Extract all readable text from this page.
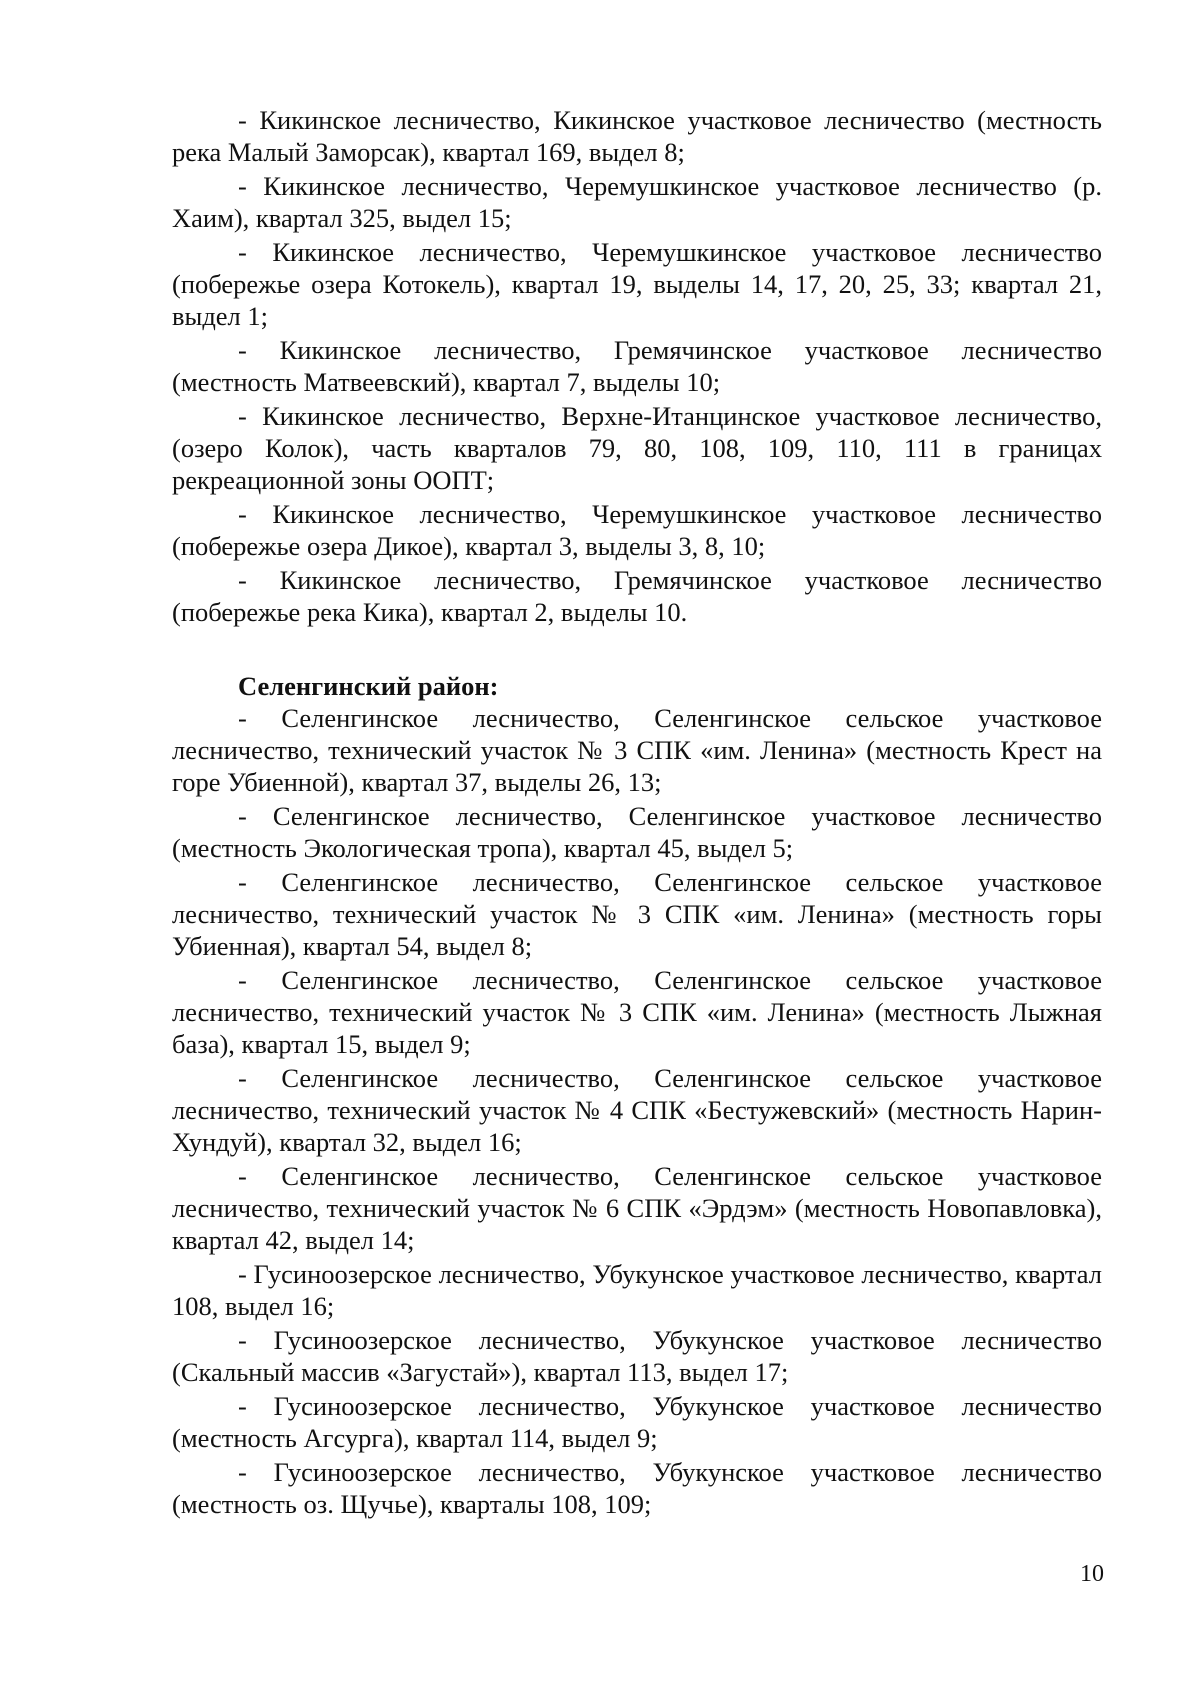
- Кикинское лесничество, Кикинское участковое лесничество (местность река Малый Заморсак), квартал 169, выдел 8;

- Кикинское лесничество, Черемушкинское участковое лесничество (р. Хаим), квартал 325, выдел 15;

- Кикинское лесничество, Черемушкинское участковое лесничество (побережье озера Котокель), квартал 19, выделы 14, 17, 20, 25, 33; квартал 21, выдел 1;

- Кикинское лесничество, Гремячинское участковое лесничество (местность Матвеевский), квартал 7, выделы 10;

- Кикинское лесничество, Верхне-Итанцинское участковое лесничество, (озеро Колок), часть кварталов 79, 80, 108, 109, 110, 111 в границах рекреационной зоны ООПТ;

- Кикинское лесничество, Черемушкинское участковое лесничество (побережье озера Дикое), квартал 3, выделы 3, 8, 10;

- Кикинское лесничество, Гремячинское участковое лесничество (побережье река Кика), квартал 2, выделы 10.

Селенгинский район:

- Селенгинское лесничество, Селенгинское сельское участковое лесничество, технический участок № 3 СПК «им. Ленина» (местность Крест на горе Убиенной), квартал 37, выделы 26, 13;

- Селенгинское лесничество, Селенгинское участковое лесничество (местность Экологическая тропа), квартал 45, выдел 5;

- Селенгинское лесничество, Селенгинское сельское участковое лесничество, технический участок № 3 СПК «им. Ленина» (местность горы Убиенная), квартал 54, выдел 8;

- Селенгинское лесничество, Селенгинское сельское участковое лесничество, технический участок № 3 СПК «им. Ленина» (местность Лыжная база), квартал 15, выдел 9;

- Селенгинское лесничество, Селенгинское сельское участковое лесничество, технический участок № 4 СПК «Бестужевский» (местность Нарин-Хундуй), квартал 32, выдел 16;

- Селенгинское лесничество, Селенгинское сельское участковое лесничество, технический участок № 6 СПК «Эрдэм» (местность Новопавловка), квартал 42, выдел 14;

- Гусиноозерское лесничество, Убукунское участковое лесничество, квартал 108, выдел 16;

- Гусиноозерское лесничество, Убукунское участковое лесничество (Скальный массив «Загустай»), квартал 113, выдел 17;

- Гусиноозерское лесничество, Убукунское участковое лесничество (местность Агсурга), квартал 114, выдел 9;

- Гусиноозерское лесничество, Убукунское участковое лесничество (местность оз. Щучье), кварталы 108, 109;

10
